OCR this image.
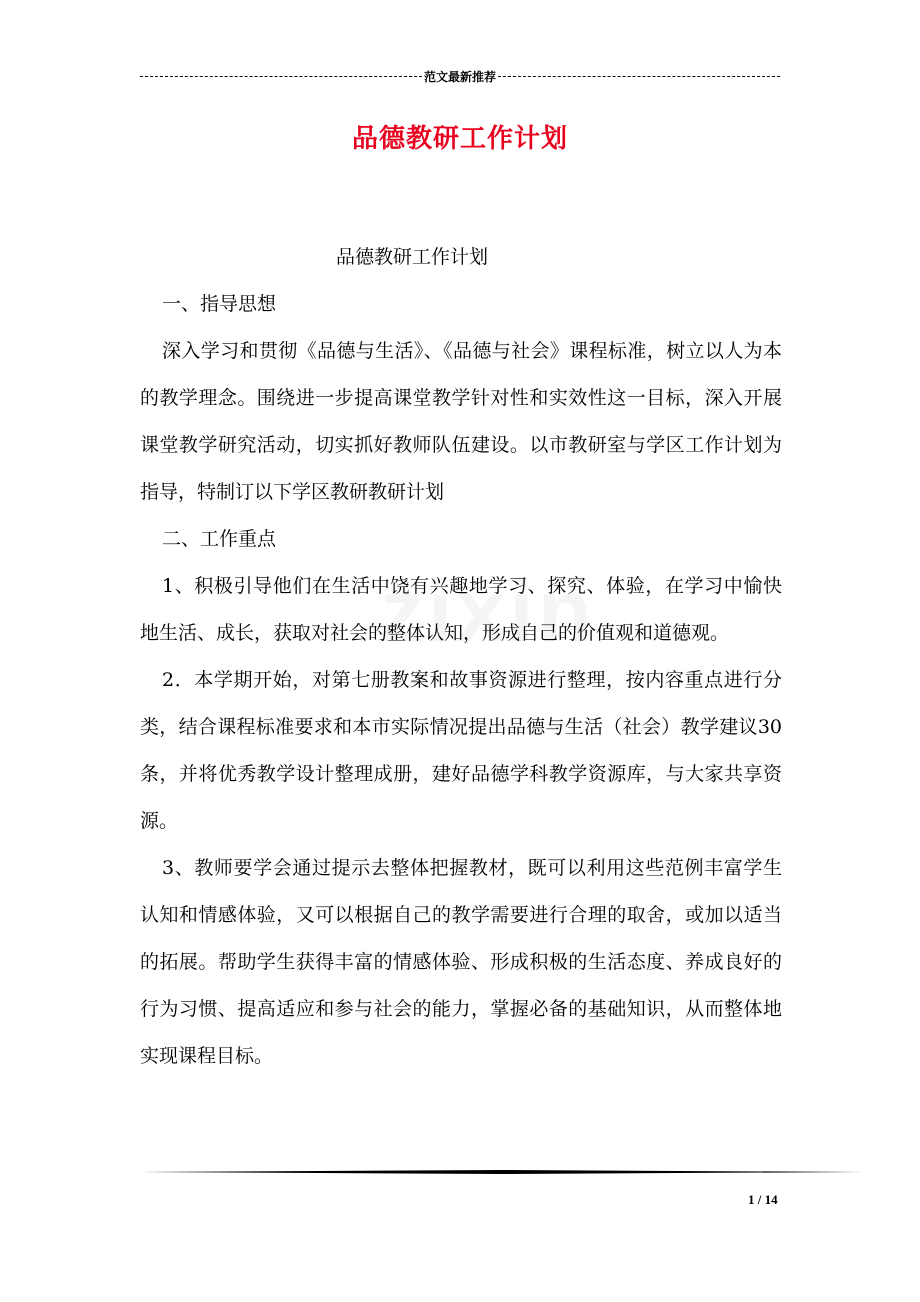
范文最新推荐
品德教研工作计划

品德教研工作计划

一、指导思想

深入学习和贯彻《品德与生活》、《品德与社会》课程标准，树立以人为本的教学理念。围绕进一步提高课堂教学针对性和实效性这一目标，深入开展课堂教学研究活动，切实抓好教师队伍建设。以市教研室与学区工作计划为指导，特制订以下学区教研教研计划

二、工作重点

1、积极引导他们在生活中饶有兴趣地学习、探究、体验，在学习中愉快地生活、成长，获取对社会的整体认知，形成自己的价值观和道德观。

2．本学期开始，对第七册教案和故事资源进行整理，按内容重点进行分类，结合课程标准要求和本市实际情况提出品德与生活（社会）教学建议30条，并将优秀教学设计整理成册，建好品德学科教学资源库，与大家共享资源。

3、教师要学会通过提示去整体把握教材，既可以利用这些范例丰富学生认知和情感体验，又可以根据自己的教学需要进行合理的取舍，或加以适当的拓展。帮助学生获得丰富的情感体验、形成积极的生活态度、养成良好的行为习惯、提高适应和参与社会的能力，掌握必备的基础知识，从而整体地实现课程目标。

1 / 14
